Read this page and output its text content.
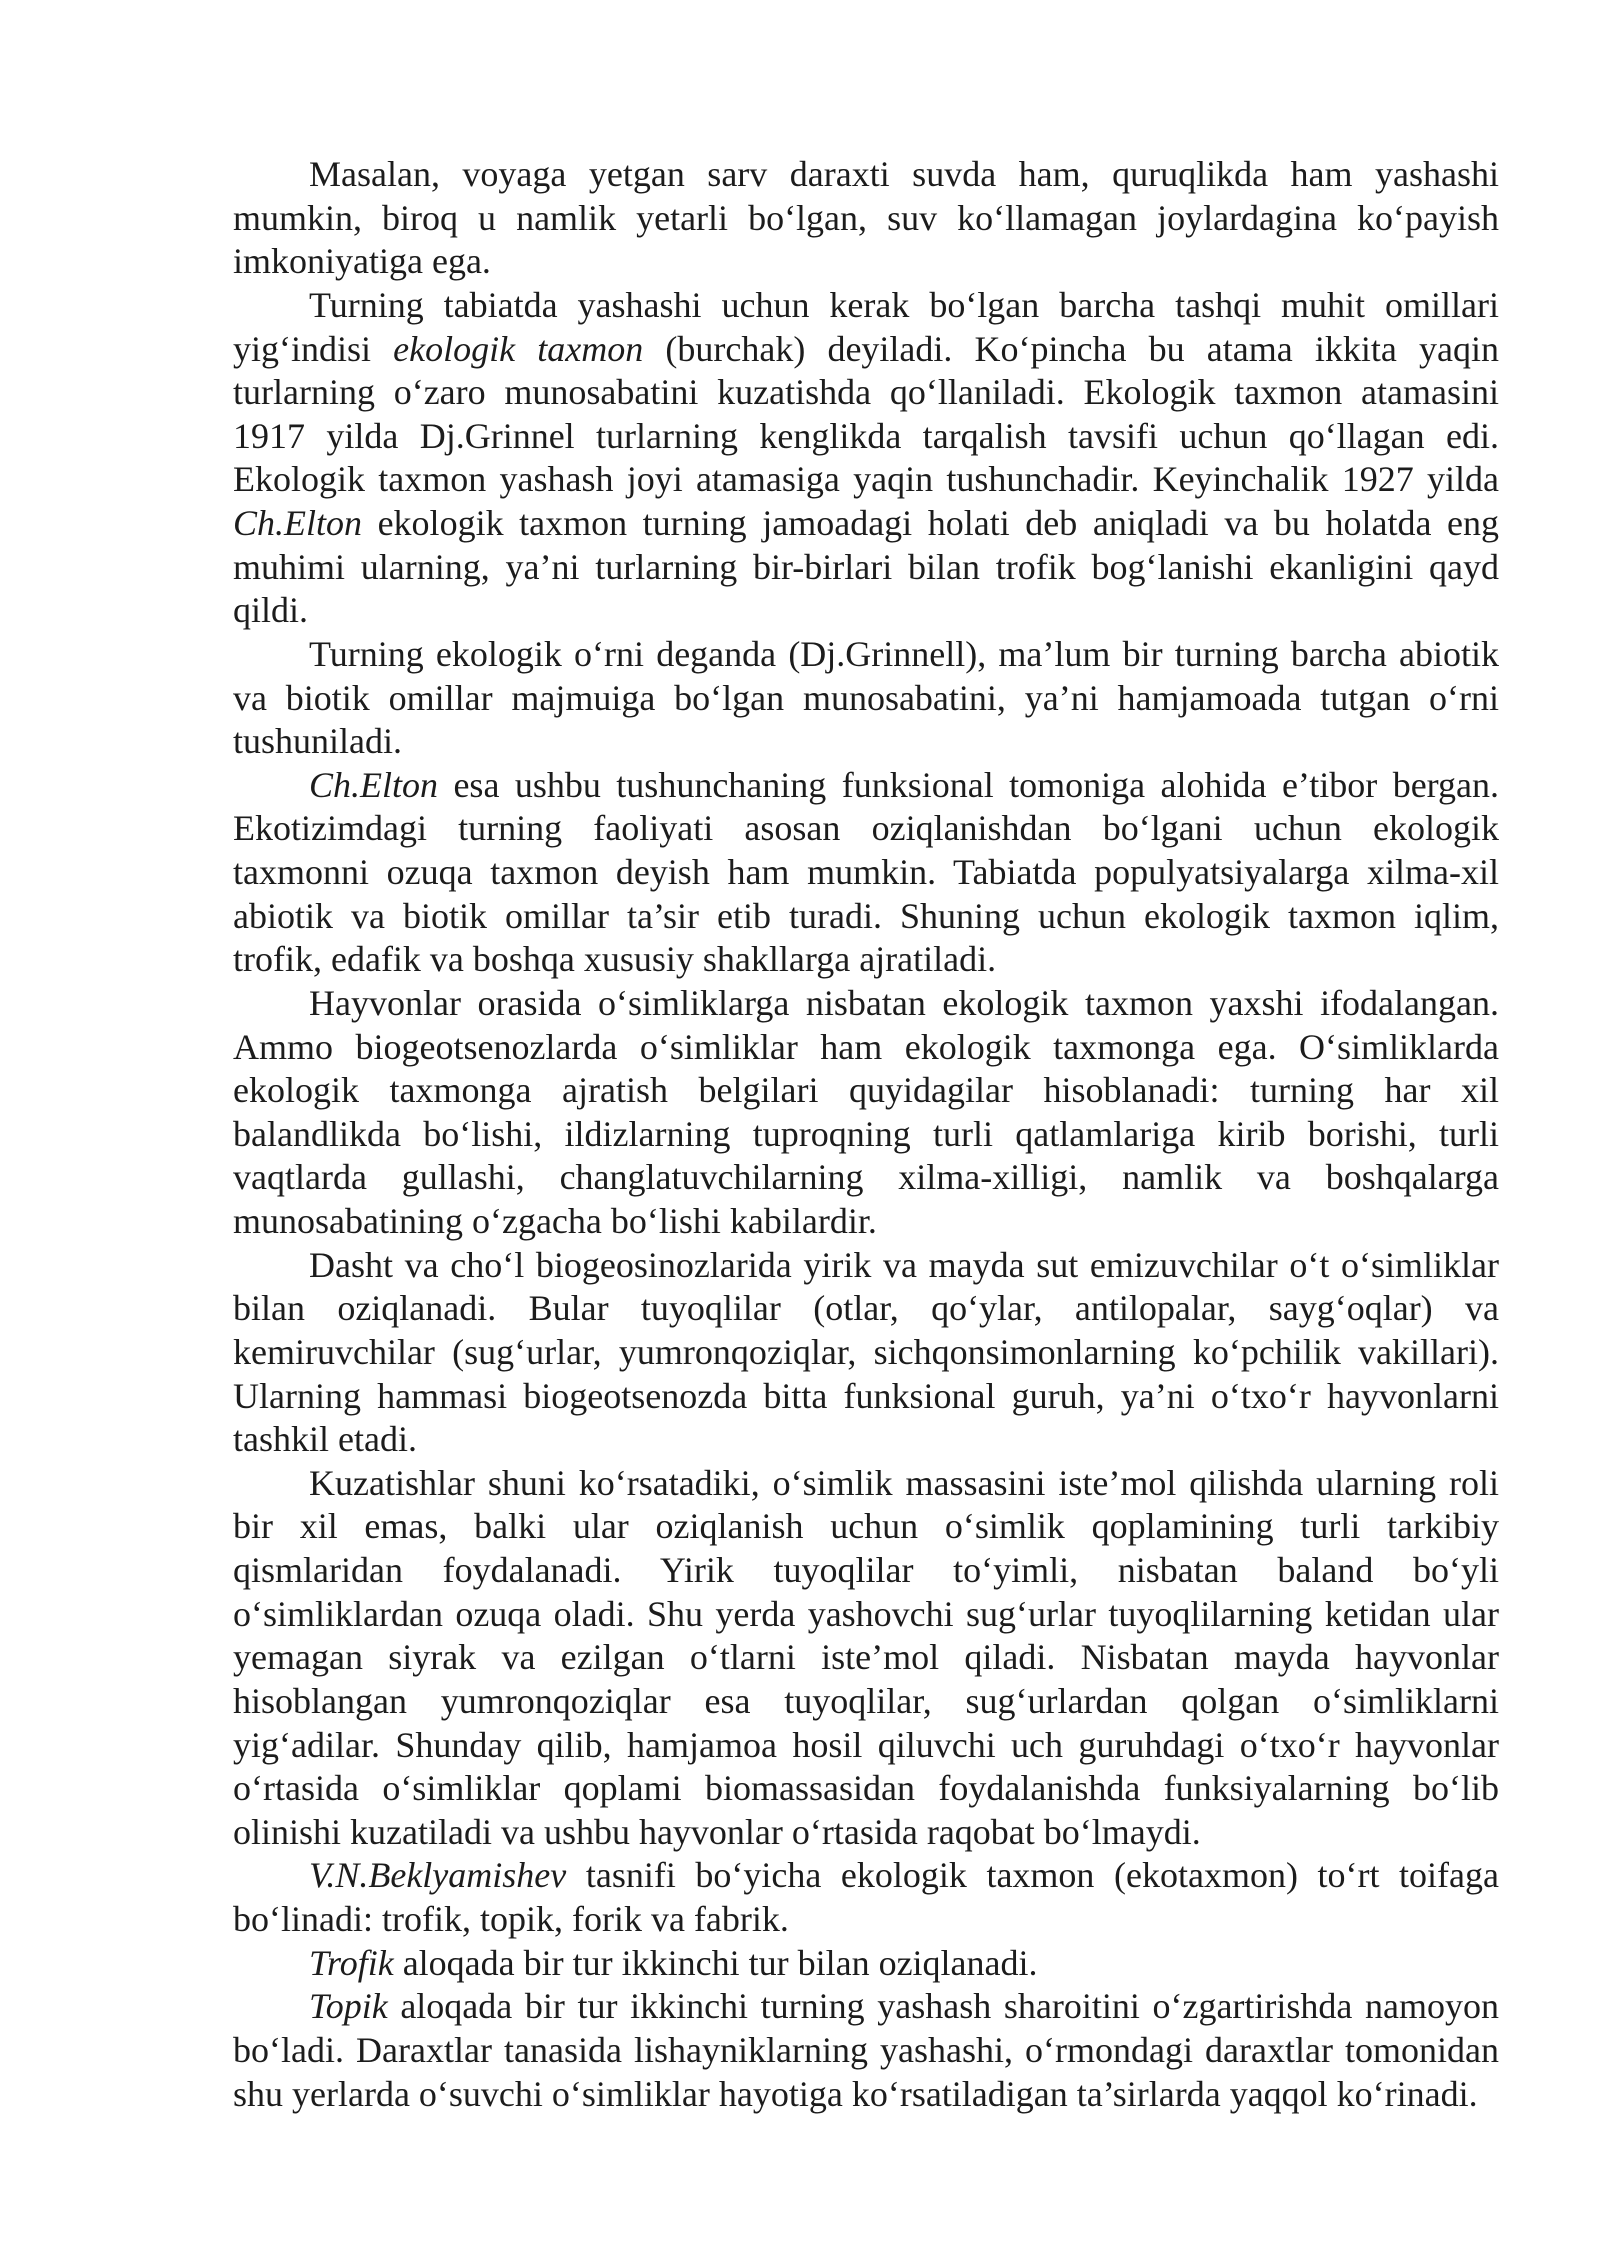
Masalan, voyaga yetgan sarv daraxti suvda ham, quruqlikda ham yashashi
mumkin, biroq u namlik yetarli bo‘lgan, suv ko‘llamagan joylardagina ko‘payish
imkoniyatiga ega.
Turning tabiatda yashashi uchun kerak bo‘lgan barcha tashqi muhit omillari
yig‘indisi ekologik taxmon (burchak) deyiladi. Ko‘pincha bu atama ikkita yaqin
turlarning o‘zaro munosabatini kuzatishda qo‘llaniladi. Ekologik taxmon atamasini
1917 yilda Dj.Grinnel turlarning kenglikda tarqalish tavsifi uchun qo‘llagan edi.
Ekologik taxmon yashash joyi atamasiga yaqin tushunchadir. Keyinchalik 1927 yilda
Ch.Elton ekologik taxmon turning jamoadagi holati deb aniqladi va bu holatda eng
muhimi ularning, ya’ni turlarning bir-birlari bilan trofik bog‘lanishi ekanligini qayd
qildi.
Turning ekologik o‘rni deganda (Dj.Grinnell), ma’lum bir turning barcha abiotik
va biotik omillar majmuiga bo‘lgan munosabatini, ya’ni hamjamoada tutgan o‘rni
tushuniladi.
Ch.Elton esa ushbu tushunchaning funksional tomoniga alohida e’tibor bergan.
Ekotizimdagi turning faoliyati asosan oziqlanishdan bo‘lgani uchun ekologik
taxmonni ozuqa taxmon deyish ham mumkin. Tabiatda populyatsiyalarga xilma-xil
abiotik va biotik omillar ta’sir etib turadi. Shuning uchun ekologik taxmon iqlim,
trofik, edafik va boshqa xususiy shakllarga ajratiladi.
Hayvonlar orasida o‘simliklarga nisbatan ekologik taxmon yaxshi ifodalangan.
Ammo biogeotsenozlarda o‘simliklar ham ekologik taxmonga ega. O‘simliklarda
ekologik taxmonga ajratish belgilari quyidagilar hisoblanadi: turning har xil
balandlikda bo‘lishi, ildizlarning tuproqning turli qatlamlariga kirib borishi, turli
vaqtlarda gullashi, changlatuvchilarning xilma-xilligi, namlik va boshqalarga
munosabatining o‘zgacha bo‘lishi kabilardir.
Dasht va cho‘l biogeosinozlarida yirik va mayda sut emizuvchilar o‘t o‘simliklar
bilan oziqlanadi. Bular tuyoqlilar (otlar, qo‘ylar, antilopalar, sayg‘oqlar) va
kemiruvchilar (sug‘urlar, yumronqoziqlar, sichqonsimonlarning ko‘pchilik vakillari).
Ularning hammasi biogeotsenozda bitta funksional guruh, ya’ni o‘txo‘r hayvonlarni
tashkil etadi.
Kuzatishlar shuni ko‘rsatadiki, o‘simlik massasini iste’mol qilishda ularning roli
bir xil emas, balki ular oziqlanish uchun o‘simlik qoplamining turli tarkibiy
qismlaridan foydalanadi. Yirik tuyoqlilar to‘yimli, nisbatan baland bo‘yli
o‘simliklardan ozuqa oladi. Shu yerda yashovchi sug‘urlar tuyoqlilarning ketidan ular
yemagan siyrak va ezilgan o‘tlarni iste’mol qiladi. Nisbatan mayda hayvonlar
hisoblangan yumronqoziqlar esa tuyoqlilar, sug‘urlardan qolgan o‘simliklarni
yig‘adilar. Shunday qilib, hamjamoa hosil qiluvchi uch guruhdagi o‘txo‘r hayvonlar
o‘rtasida o‘simliklar qoplami biomassasidan foydalanishda funksiyalarning bo‘lib
olinishi kuzatiladi va ushbu hayvonlar o‘rtasida raqobat bo‘lmaydi.
V.N.Beklyamishev tasnifi bo‘yicha ekologik taxmon (ekotaxmon) to‘rt toifaga
bo‘linadi: trofik, topik, forik va fabrik.
Trofik aloqada bir tur ikkinchi tur bilan oziqlanadi.
Topik aloqada bir tur ikkinchi turning yashash sharoitini o‘zgartirishda namoyon
bo‘ladi. Daraxtlar tanasida lishayniklarning yashashi, o‘rmondagi daraxtlar tomonidan
shu yerlarda o‘suvchi o‘simliklar hayotiga ko‘rsatiladigan ta’sirlarda yaqqol ko‘rinadi.
